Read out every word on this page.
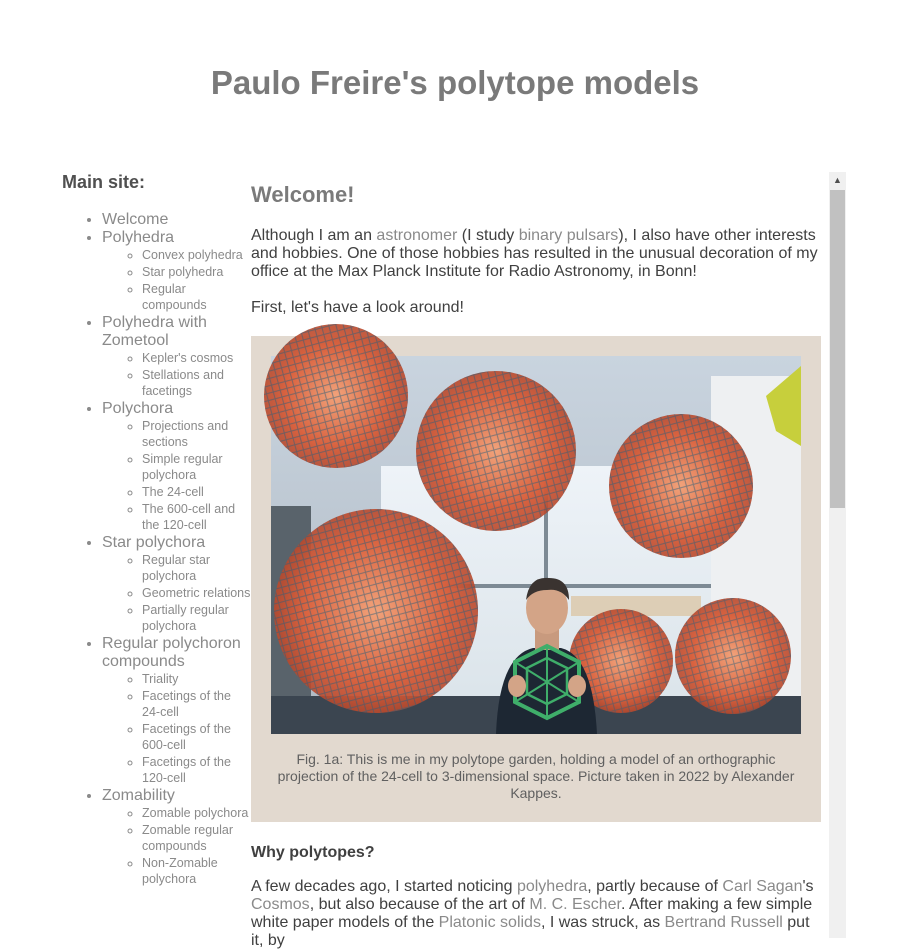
Paulo Freire's polytope models
Main site:
• Welcome
• Polyhedra
◦ Convex polyhedra
◦ Star polyhedra
◦ Regular compounds
• Polyhedra with Zometool
◦ Kepler's cosmos
◦ Stellations and facetings
• Polychora
◦ Projections and sections
◦ Simple regular polychora
◦ The 24-cell
◦ The 600-cell and the 120-cell
• Star polychora
◦ Regular star polychora
◦ Geometric relations
◦ Partially regular polychora
• Regular polychoron compounds
◦ Triality
◦ Facetings of the 24-cell
◦ Facetings of the 600-cell
◦ Facetings of the 120-cell
• Zomability
◦ Zomable polychora
◦ Zomable regular compounds
◦ Non-Zomable polychora
Welcome!

Although I am an astronomer (I study binary pulsars), I also have other interests and hobbies. One of those hobbies has resulted in the unusual decoration of my office at the Max Planck Institute for Radio Astronomy, in Bonn!

First, let's have a look around!

Fig. 1a: This is me in my polytope garden, holding a model of an orthographic projection of the 24-cell to 3-dimensional space. Picture taken in 2022 by Alexander Kappes.

Why polytopes?

A few decades ago, I started noticing polyhedra, partly because of Carl Sagan's Cosmos, but also because of the art of M. C. Escher. After making a few simple white paper models of the Platonic solids, I was struck, as Bertrand Russell put it, by

▲
